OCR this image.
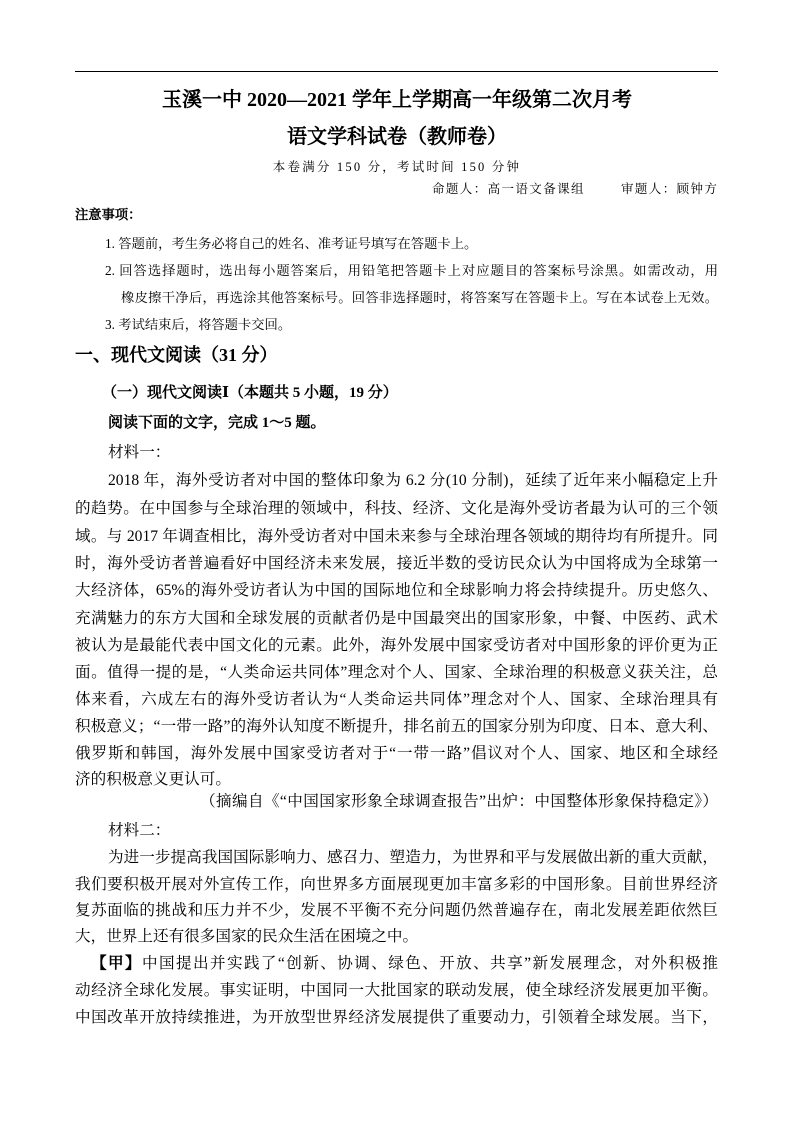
玉溪一中 2020—2021 学年上学期高一年级第二次月考
语文学科试卷（教师卷）
本卷满分 150 分，考试时间 150 分钟
命题人：高一语文备课组	审题人：顾钟方
注意事项：
1. 答题前，考生务必将自己的姓名、准考证号填写在答题卡上。
2. 回答选择题时，选出每小题答案后，用铅笔把答题卡上对应题目的答案标号涂黑。如需改动，用
橡皮擦干净后，再选涂其他答案标号。回答非选择题时，将答案写在答题卡上。写在本试卷上无效。
3. 考试结束后，将答题卡交回。
一、现代文阅读（31 分）
（一）现代文阅读Ⅰ（本题共 5 小题，19 分）
阅读下面的文字，完成 1～5 题。
材料一：
2018 年，海外受访者对中国的整体印象为 6.2 分(10 分制)，延续了近年来小幅稳定上升
的趋势。在中国参与全球治理的领域中，科技、经济、文化是海外受访者最为认可的三个领
域。与 2017 年调查相比，海外受访者对中国未来参与全球治理各领域的期待均有所提升。同
时，海外受访者普遍看好中国经济未来发展，接近半数的受访民众认为中国将成为全球第一
大经济体，65%的海外受访者认为中国的国际地位和全球影响力将会持续提升。历史悠久、
充满魅力的东方大国和全球发展的贡献者仍是中国最突出的国家形象，中餐、中医药、武术
被认为是最能代表中国文化的元素。此外，海外发展中国家受访者对中国形象的评价更为正
面。值得一提的是，“人类命运共同体”理念对个人、国家、全球治理的积极意义获关注，总
体来看，六成左右的海外受访者认为“人类命运共同体”理念对个人、国家、全球治理具有
积极意义；“一带一路”的海外认知度不断提升，排名前五的国家分别为印度、日本、意大利、
俄罗斯和韩国，海外发展中国家受访者对于“一带一路”倡议对个人、国家、地区和全球经
济的积极意义更认可。
（摘编自《“中国国家形象全球调查报告”出炉：中国整体形象保持稳定》）
材料二：
为进一步提高我国国际影响力、感召力、塑造力，为世界和平与发展做出新的重大贡献，
我们要积极开展对外宣传工作，向世界多方面展现更加丰富多彩的中国形象。目前世界经济
复苏面临的挑战和压力并不少，发展不平衡不充分问题仍然普遍存在，南北发展差距依然巨
大，世界上还有很多国家的民众生活在困境之中。
【甲】中国提出并实践了“创新、协调、绿色、开放、共享”新发展理念，对外积极推
动经济全球化发展。事实证明，中国同一大批国家的联动发展，使全球经济发展更加平衡。
中国改革开放持续推进，为开放型世界经济发展提供了重要动力，引领着全球发展。当下，
